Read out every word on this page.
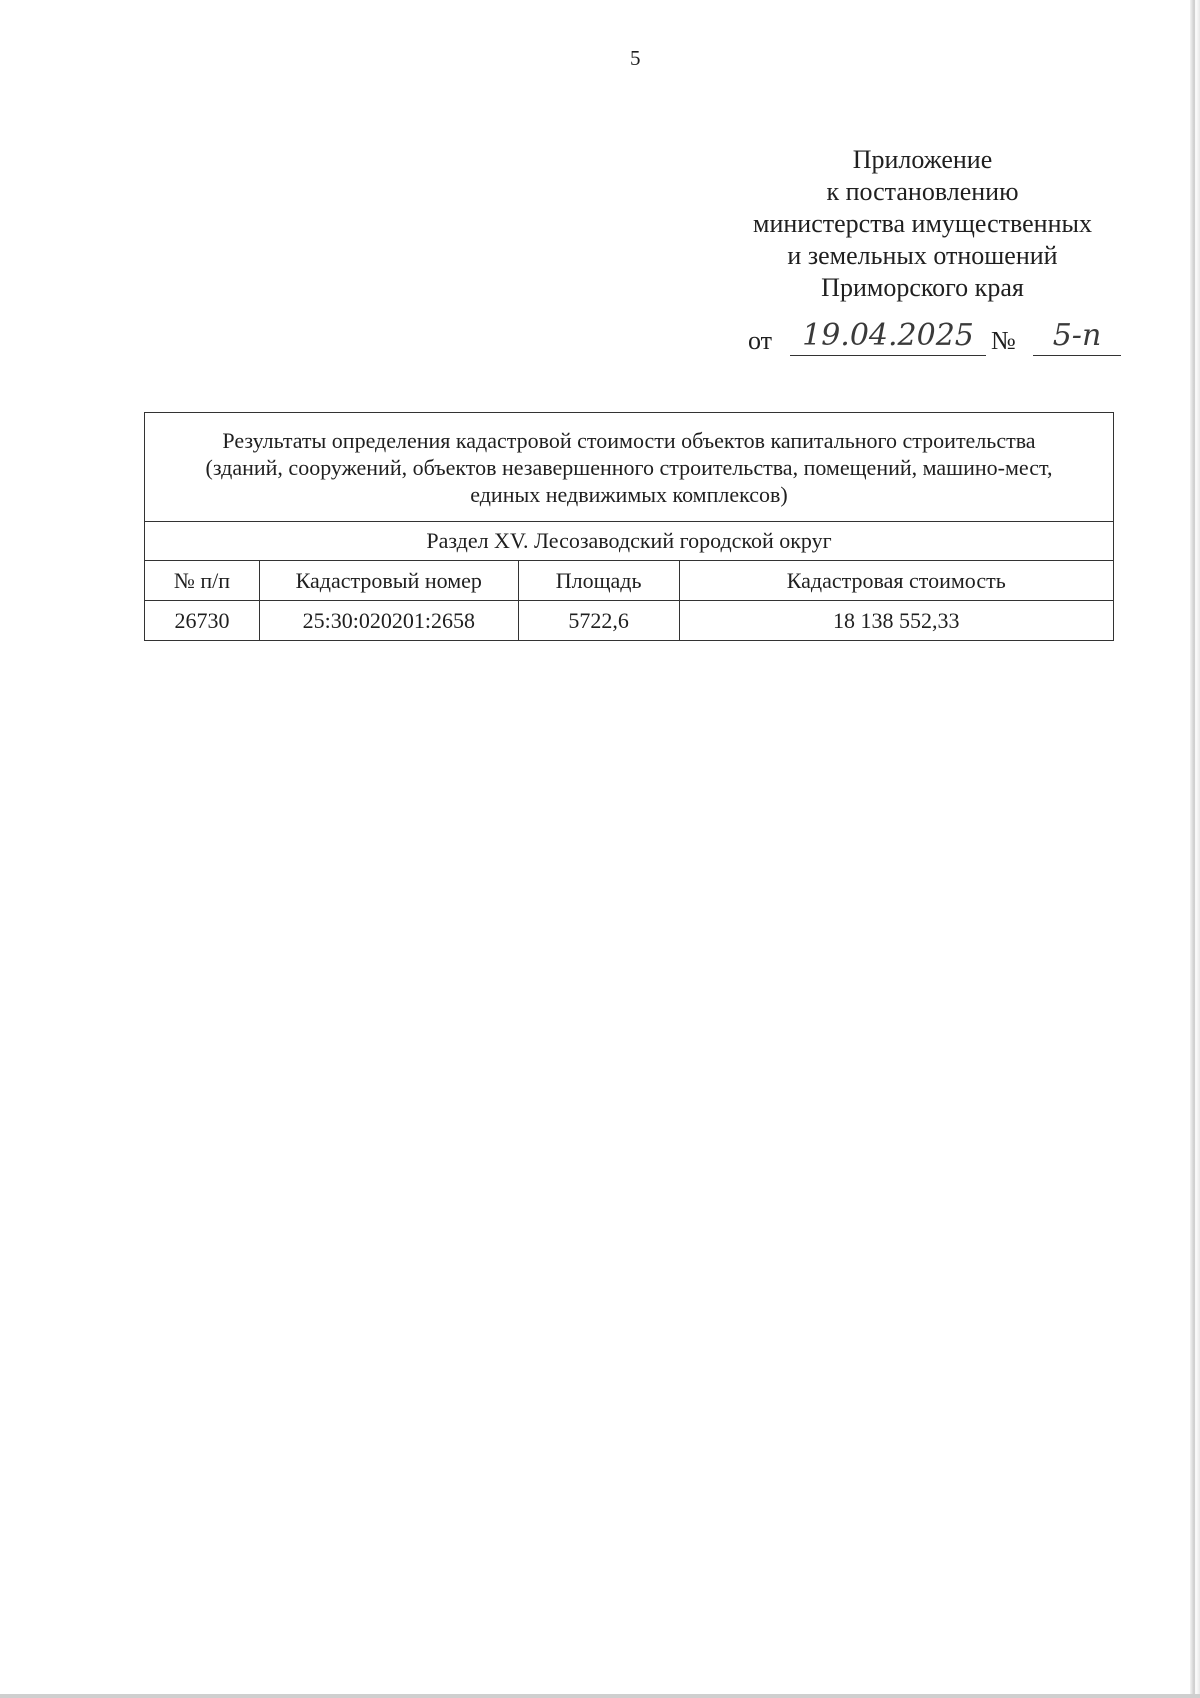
5
Приложение
к постановлению
министерства имущественных
и земельных отношений
Приморского края
от	19.04.2025 №	5-п
Результаты определения кадастровой стоимости объектов капитального строительства
(зданий, сооружений, объектов незавершенного строительства, помещений, машино-мест,
единых недвижимых комплексов)			

Раздел XV. Лесозаводский городской округ			
№ п/п	Кадастровый номер	Площадь	Кадастровая стоимость
26730	25:30:020201:2658	5722,6	18 138 552,33
